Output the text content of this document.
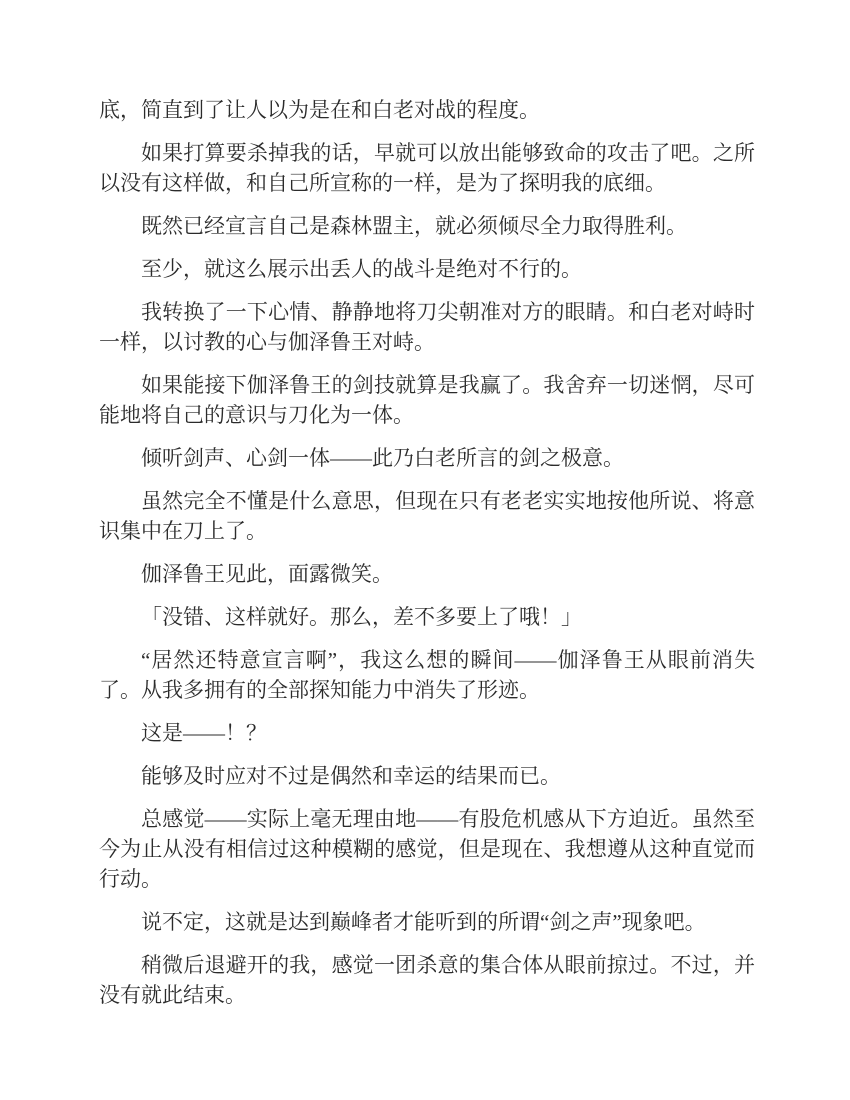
底，简直到了让人以为是在和白老对战的程度。

如果打算要杀掉我的话，早就可以放出能够致命的攻击了吧。之所以没有这样做，和自己所宣称的一样，是为了探明我的底细。

既然已经宣言自己是森林盟主，就必须倾尽全力取得胜利。

至少，就这么展示出丢人的战斗是绝对不行的。

我转换了一下心情、静静地将刀尖朝准对方的眼睛。和白老对峙时一样，以讨教的心与伽泽鲁王对峙。

如果能接下伽泽鲁王的剑技就算是我赢了。我舍弃一切迷惘，尽可能地将自己的意识与刀化为一体。

倾听剑声、心剑一体——此乃白老所言的剑之极意。

虽然完全不懂是什么意思，但现在只有老老实实地按他所说、将意识集中在刀上了。

伽泽鲁王见此，面露微笑。

「没错、这样就好。那么，差不多要上了哦！」

“居然还特意宣言啊”，我这么想的瞬间——伽泽鲁王从眼前消失了。从我多拥有的全部探知能力中消失了形迹。

这是——！？

能够及时应对不过是偶然和幸运的结果而已。

总感觉——实际上毫无理由地——有股危机感从下方迫近。虽然至今为止从没有相信过这种模糊的感觉，但是现在、我想遵从这种直觉而行动。

说不定，这就是达到巅峰者才能听到的所谓“剑之声”现象吧。

稍微后退避开的我，感觉一团杀意的集合体从眼前掠过。不过，并没有就此结束。
